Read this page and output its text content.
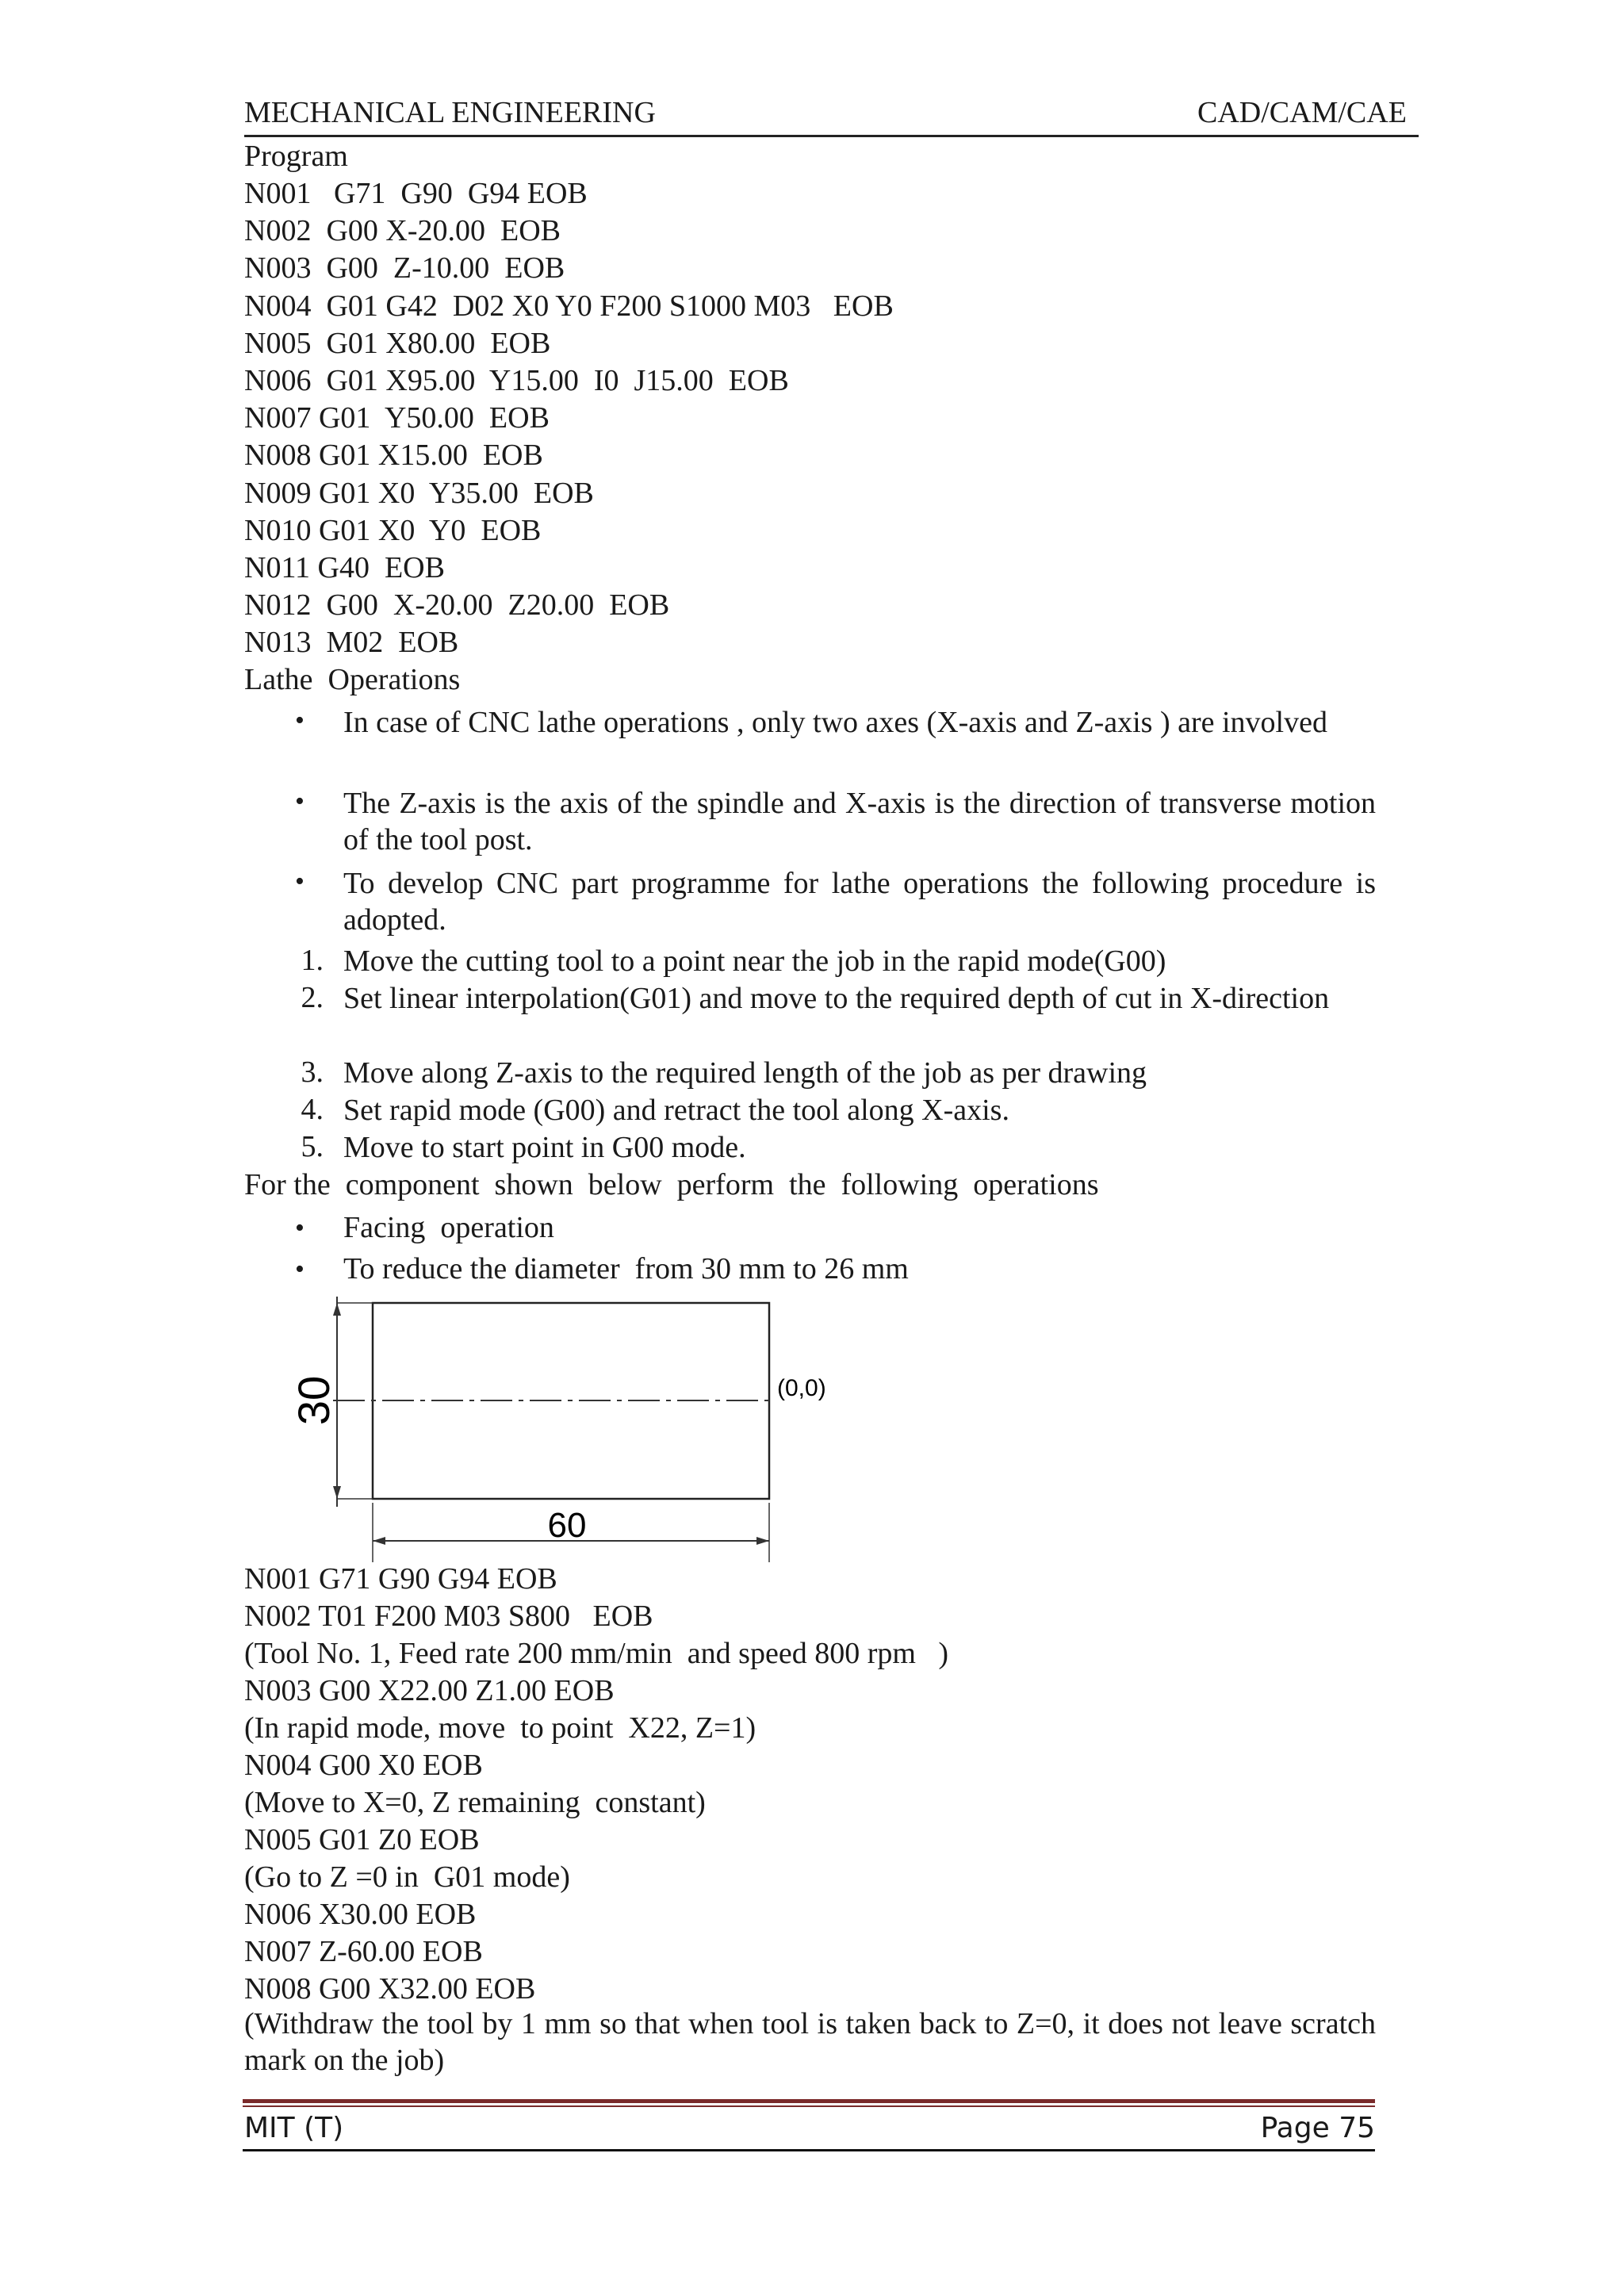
MECHANICAL ENGINEERING	CAD/CAM/CAE
Program
N001   G71  G90  G94 EOB
N002  G00 X-20.00  EOB
N003  G00  Z-10.00  EOB
N004  G01 G42  D02 X0 Y0 F200 S1000 M03   EOB
N005  G01 X80.00  EOB
N006  G01 X95.00  Y15.00  I0  J15.00  EOB
N007 G01  Y50.00  EOB
N008 G01 X15.00  EOB
N009 G01 X0  Y35.00  EOB
N010 G01 X0  Y0  EOB
N011 G40  EOB
N012  G00  X-20.00  Z20.00  EOB
N013  M02  EOB
Lathe  Operations
• In case of CNC lathe operations , only two axes (X-axis and Z-axis ) are involved
• The Z-axis is the axis of the spindle and X-axis is the direction of transverse motion of the tool post.
• To develop CNC part programme for lathe operations the following procedure is adopted.
1. Move the cutting tool to a point near the job in the rapid mode(G00)
2. Set linear interpolation(G01) and move to the required depth of cut in X-direction
3. Move along Z-axis to the required length of the job as per drawing
4. Set rapid mode (G00) and retract the tool along X-axis.
5. Move to start point in G00 mode.
For the  component  shown  below  perform  the  following  operations
• Facing  operation
• To reduce the diameter  from 30 mm to 26 mm
30
60
(0,0)
N001 G71 G90 G94 EOB
N002 T01 F200 M03 S800   EOB
(Tool No. 1, Feed rate 200 mm/min  and speed 800 rpm   )
N003 G00 X22.00 Z1.00 EOB
(In rapid mode, move  to point  X22, Z=1)
N004 G00 X0 EOB
(Move to X=0, Z remaining  constant)
N005 G01 Z0 EOB
(Go to Z =0 in  G01 mode)
N006 X30.00 EOB
N007 Z-60.00 EOB
N008 G00 X32.00 EOB
(Withdraw the tool by 1 mm so that when tool is taken back to Z=0, it does not leave scratch mark on the job)
MIT (T)	Page 75
